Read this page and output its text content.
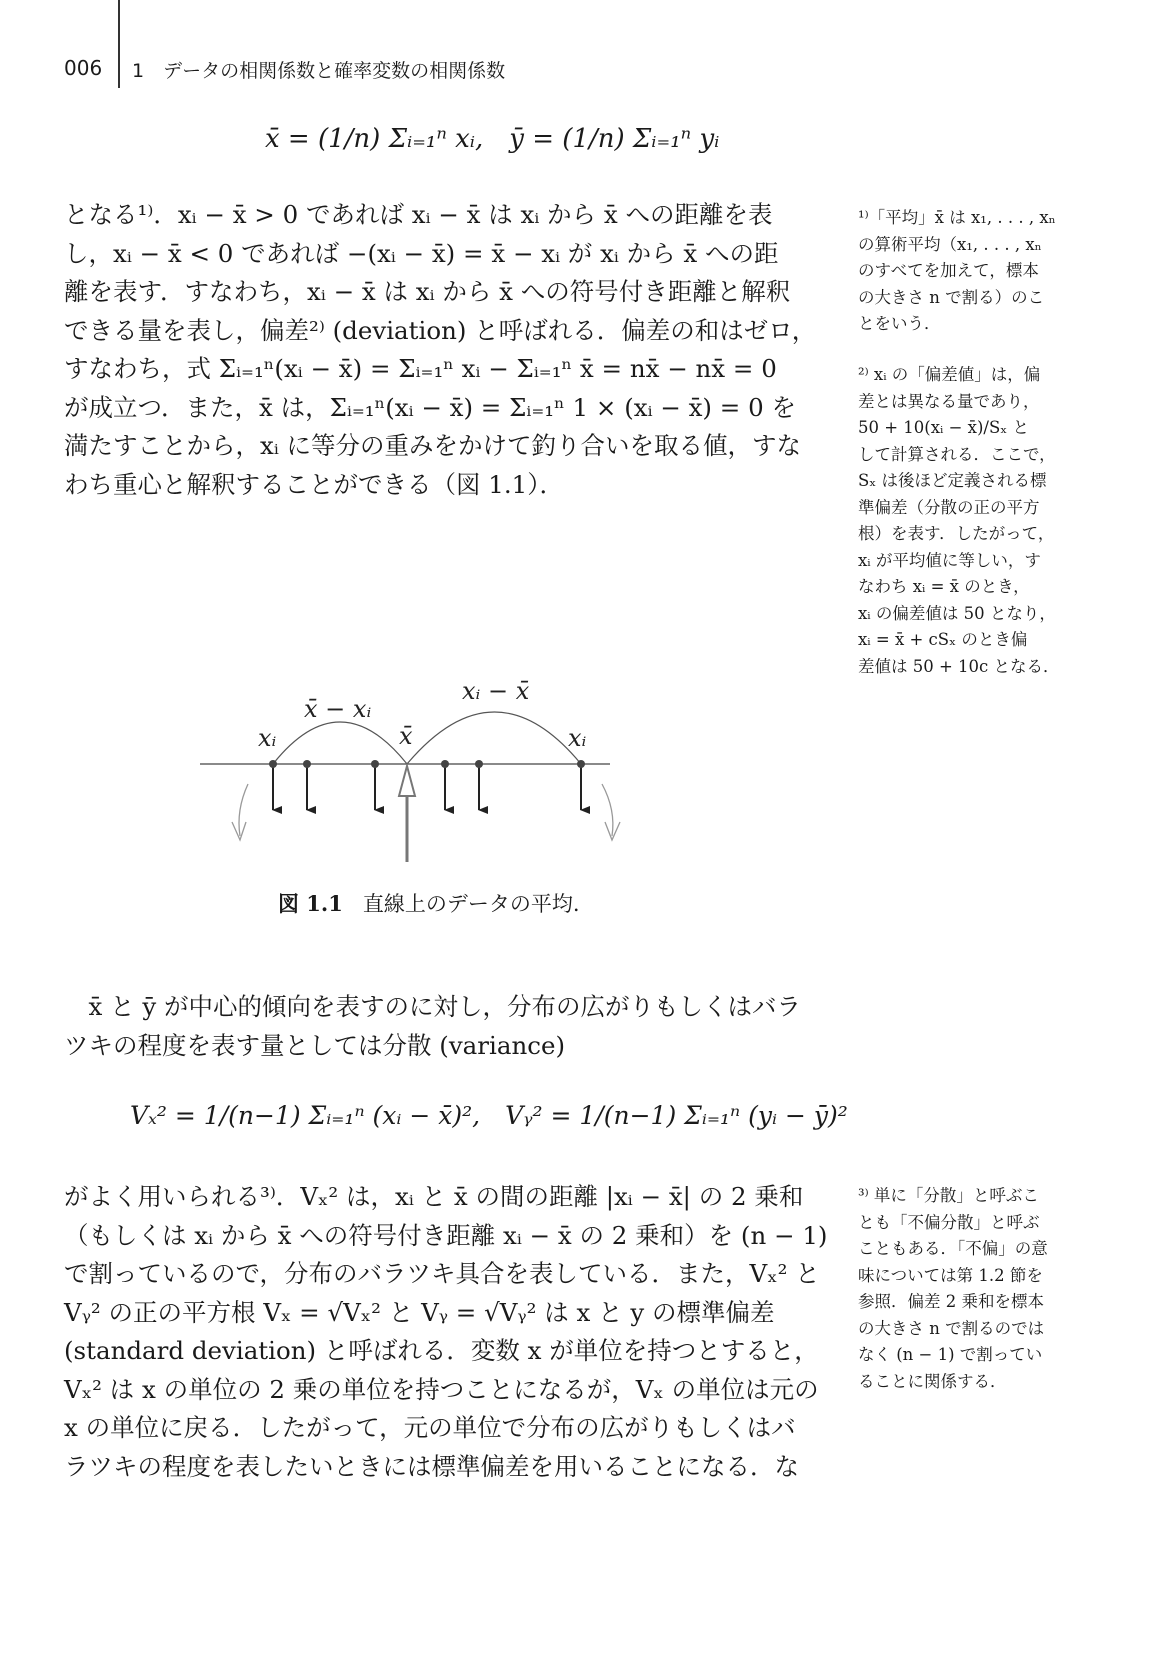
006 1　データの相関係数と確率変数の相関係数
x̄ = (1/n) Σᵢ₌₁ⁿ xᵢ,　ȳ = (1/n) Σᵢ₌₁ⁿ yᵢ
となる¹⁾．xᵢ − x̄ > 0 であれば xᵢ − x̄ は xᵢ から x̄ への距離を表
し，xᵢ − x̄ < 0 であれば −(xᵢ − x̄) = x̄ − xᵢ が xᵢ から x̄ への距
離を表す．すなわち，xᵢ − x̄ は xᵢ から x̄ への符号付き距離と解釈
できる量を表し，偏差²⁾ (deviation) と呼ばれる．偏差の和はゼロ，
すなわち，式 Σᵢ₌₁ⁿ(xᵢ − x̄) = Σᵢ₌₁ⁿ xᵢ − Σᵢ₌₁ⁿ x̄ = nx̄ − nx̄ = 0
が成立つ．また，x̄ は，Σᵢ₌₁ⁿ(xᵢ − x̄) = Σᵢ₌₁ⁿ 1 × (xᵢ − x̄) = 0 を
満たすことから，xᵢ に等分の重みをかけて釣り合いを取る値，すな
わち重心と解釈することができる（図 1.1）．
¹⁾「平均」x̄ は x₁, . . . , xₙ
の算術平均（x₁, . . . , xₙ
のすべてを加えて，標本
の大きさ n で割る）のこ
とをいう．
²⁾ xᵢ の「偏差値」は，偏
差とは異なる量であり，
50 + 10(xᵢ − x̄)/Sₓ と
して計算される．ここで，
Sₓ は後ほど定義される標
準偏差（分散の正の平方
根）を表す．したがって，
xᵢ が平均値に等しい，す
なわち xᵢ = x̄ のとき，
xᵢ の偏差値は 50 となり，
xᵢ = x̄ + cSₓ のとき偏
差値は 50 + 10c となる．
x̄ − xᵢ
xᵢ − x̄
xᵢ	x̄	xᵢ
図 1.1 直線上のデータの平均.
　x̄ と ȳ が中心的傾向を表すのに対し，分布の広がりもしくはバラ
ツキの程度を表す量としては分散 (variance)
Vₓ² = 1/(n−1) Σᵢ₌₁ⁿ (xᵢ − x̄)²,　Vᵧ² = 1/(n−1) Σᵢ₌₁ⁿ (yᵢ − ȳ)²
がよく用いられる³⁾．Vₓ² は，xᵢ と x̄ の間の距離 |xᵢ − x̄| の 2 乗和
（もしくは xᵢ から x̄ への符号付き距離 xᵢ − x̄ の 2 乗和）を (n − 1)
で割っているので，分布のバラツキ具合を表している．また，Vₓ² と
Vᵧ² の正の平方根 Vₓ = √Vₓ² と Vᵧ = √Vᵧ² は x と y の標準偏差
(standard deviation) と呼ばれる．変数 x が単位を持つとすると，
Vₓ² は x の単位の 2 乗の単位を持つことになるが，Vₓ の単位は元の
x の単位に戻る．したがって，元の単位で分布の広がりもしくはバ
ラツキの程度を表したいときには標準偏差を用いることになる．な
³⁾ 単に「分散」と呼ぶこ
とも「不偏分散」と呼ぶ
こともある．「不偏」の意
味については第 1.2 節を
参照．偏差 2 乗和を標本
の大きさ n で割るのでは
なく (n − 1) で割ってい
ることに関係する．
